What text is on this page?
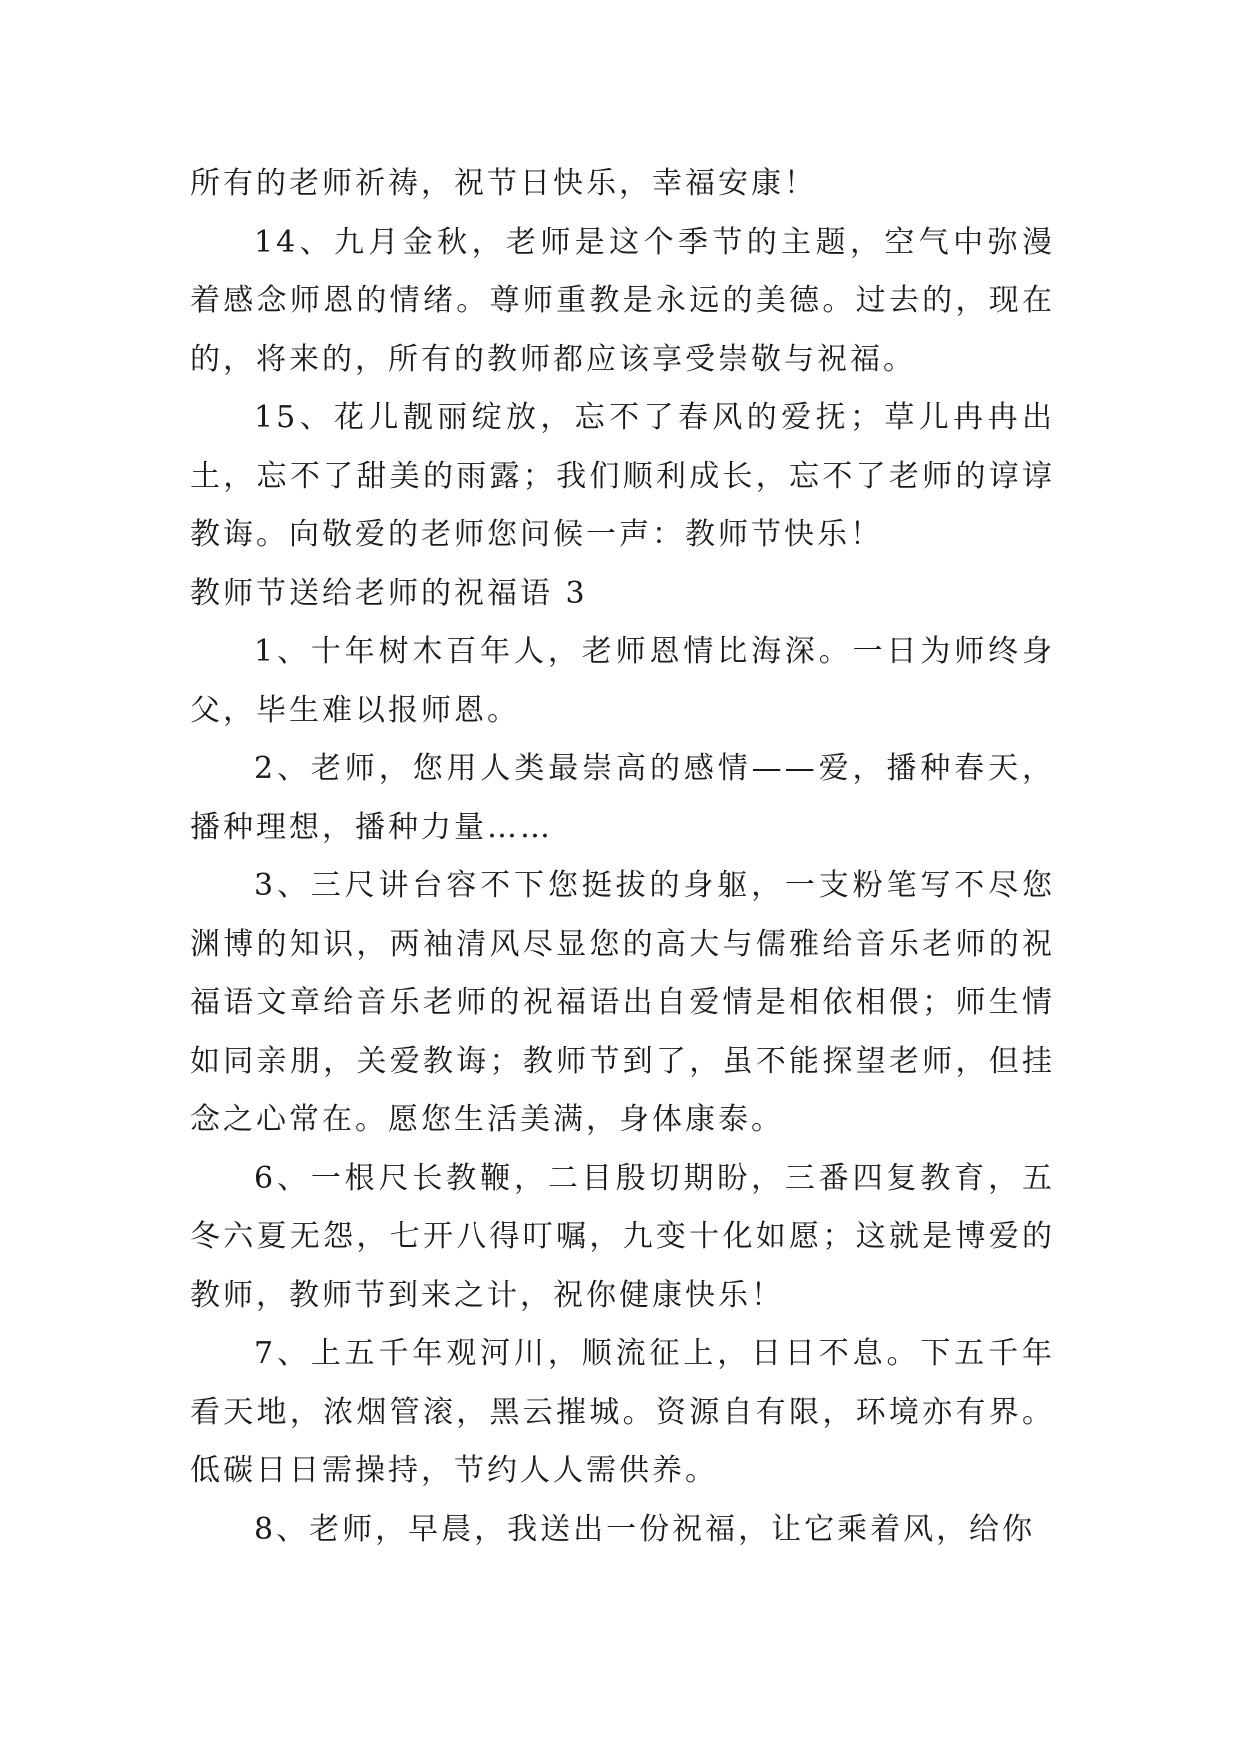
所有的老师祈祷，祝节日快乐，幸福安康！

14、九月金秋，老师是这个季节的主题，空气中弥漫着感念师恩的情绪。尊师重教是永远的美德。过去的，现在的，将来的，所有的教师都应该享受崇敬与祝福。

15、花儿靓丽绽放，忘不了春风的爱抚；草儿冉冉出土，忘不了甜美的雨露；我们顺利成长，忘不了老师的谆谆教诲。向敬爱的老师您问候一声：教师节快乐！

教师节送给老师的祝福语 3

1、十年树木百年人，老师恩情比海深。一日为师终身父，毕生难以报师恩。

2、老师，您用人类最崇高的感情——爱，播种春天，播种理想，播种力量……

3、三尺讲台容不下您挺拔的身躯，一支粉笔写不尽您渊博的知识，两袖清风尽显您的高大与儒雅给音乐老师的祝福语文章给音乐老师的祝福语出自爱情是相依相偎；师生情如同亲朋，关爱教诲；教师节到了，虽不能探望老师，但挂念之心常在。愿您生活美满，身体康泰。

6、一根尺长教鞭，二目殷切期盼，三番四复教育，五冬六夏无怨，七开八得叮嘱，九变十化如愿；这就是博爱的教师，教师节到来之计，祝你健康快乐！

7、上五千年观河川，顺流征上，日日不息。下五千年看天地，浓烟管滚，黑云摧城。资源自有限，环境亦有界。低碳日日需操持，节约人人需供养。

8、老师，早晨，我送出一份祝福，让它乘着风，给你
